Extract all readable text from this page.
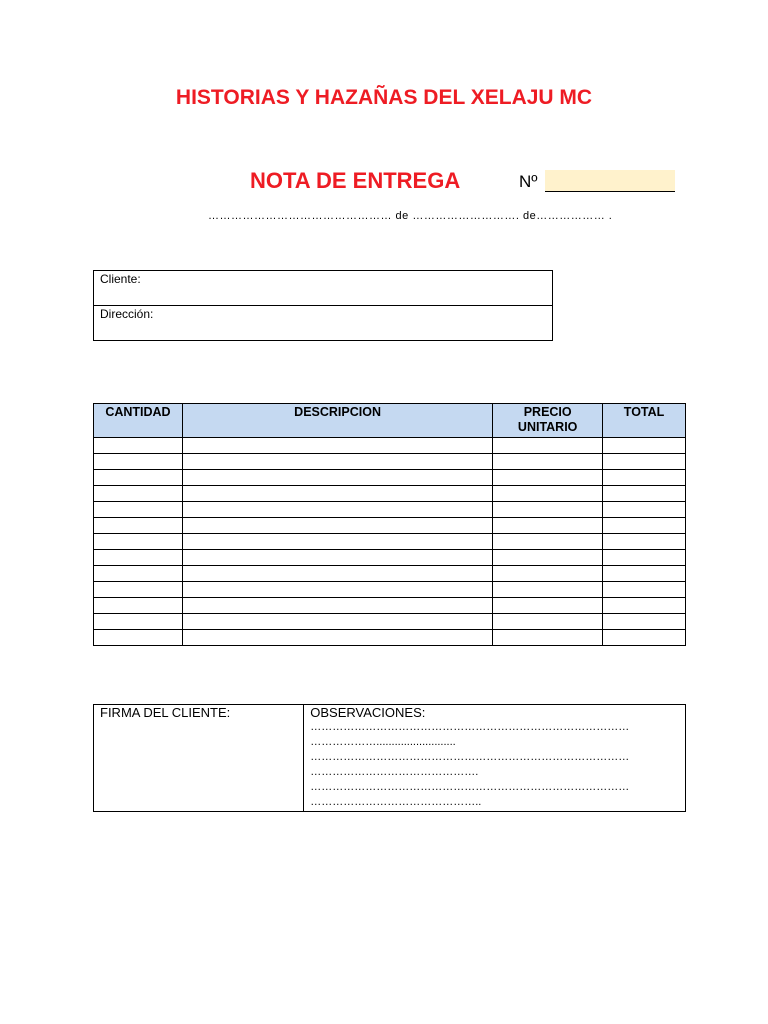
HISTORIAS Y HAZAÑAS DEL XELAJU MC
NOTA DE ENTREGA	Nº
………………………………………… de ………………………. de……………… .
Cliente:
Dirección:
CANTIDAD	DESCRIPCION	PRECIO UNITARIO	TOTAL

FIRMA DEL CLIENTE:	OBSERVACIONES:
……………………………………………………………………………
………………..........................
……………………………………………………………………………
……………………………………….
……………………………………………………………………………
………………………………………..
